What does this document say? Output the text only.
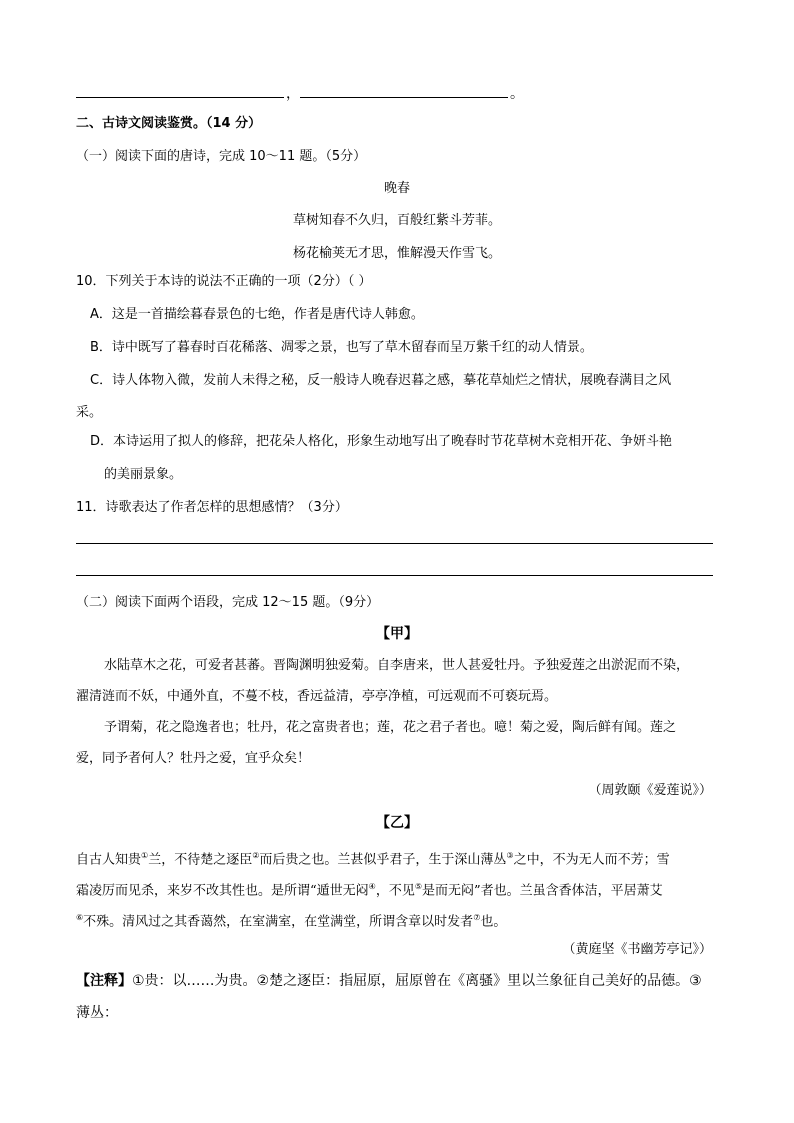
，	。
二、古诗文阅读鉴赏。（14 分）
（一）阅读下面的唐诗，完成 10～11 题。（5分）
晚春
草树知春不久归，百般红紫斗芳菲。
杨花榆荚无才思，惟解漫天作雪飞。
10．下列关于本诗的说法不正确的一项（2分）（ ）
A．这是一首描绘暮春景色的七绝，作者是唐代诗人韩愈。
B．诗中既写了暮春时百花稀落、凋零之景，也写了草木留春而呈万紫千红的动人情景。
C．诗人体物入微，发前人未得之秘，反一般诗人晚春迟暮之感，摹花草灿烂之情状，展晚春满目之风
采。
D．本诗运用了拟人的修辞，把花朵人格化，形象生动地写出了晚春时节花草树木竞相开花、争妍斗艳
的美丽景象。
11．诗歌表达了作者怎样的思想感情？（3分）
（二）阅读下面两个语段，完成 12～15 题。（9分）
【甲】
水陆草木之花，可爱者甚蕃。晋陶渊明独爱菊。自李唐来，世人甚爱牡丹。予独爱莲之出淤泥而不染，
濯清涟而不妖，中通外直，不蔓不枝，香远益清，亭亭净植，可远观而不可亵玩焉。
予谓菊，花之隐逸者也；牡丹，花之富贵者也；莲，花之君子者也。噫！菊之爱，陶后鲜有闻。莲之
爱，同予者何人？牡丹之爱，宜乎众矣！
（周敦颐《爱莲说》）
【乙】
自古人知贵①兰，不待楚之逐臣②而后贵之也。兰甚似乎君子，生于深山薄丛③之中，不为无人而不芳；雪
霜凌厉而见杀，来岁不改其性也。是所谓“遁世无闷④，不见⑤是而无闷”者也。兰虽含香体洁，平居萧艾
⑥不殊。清风过之其香蔼然，在室满室，在堂满堂，所谓含章以时发者⑦也。
（黄庭坚《书幽芳亭记》）
【注释】①贵：以……为贵。②楚之逐臣：指屈原，屈原曾在《离骚》里以兰象征自己美好的品德。③
薄丛：
